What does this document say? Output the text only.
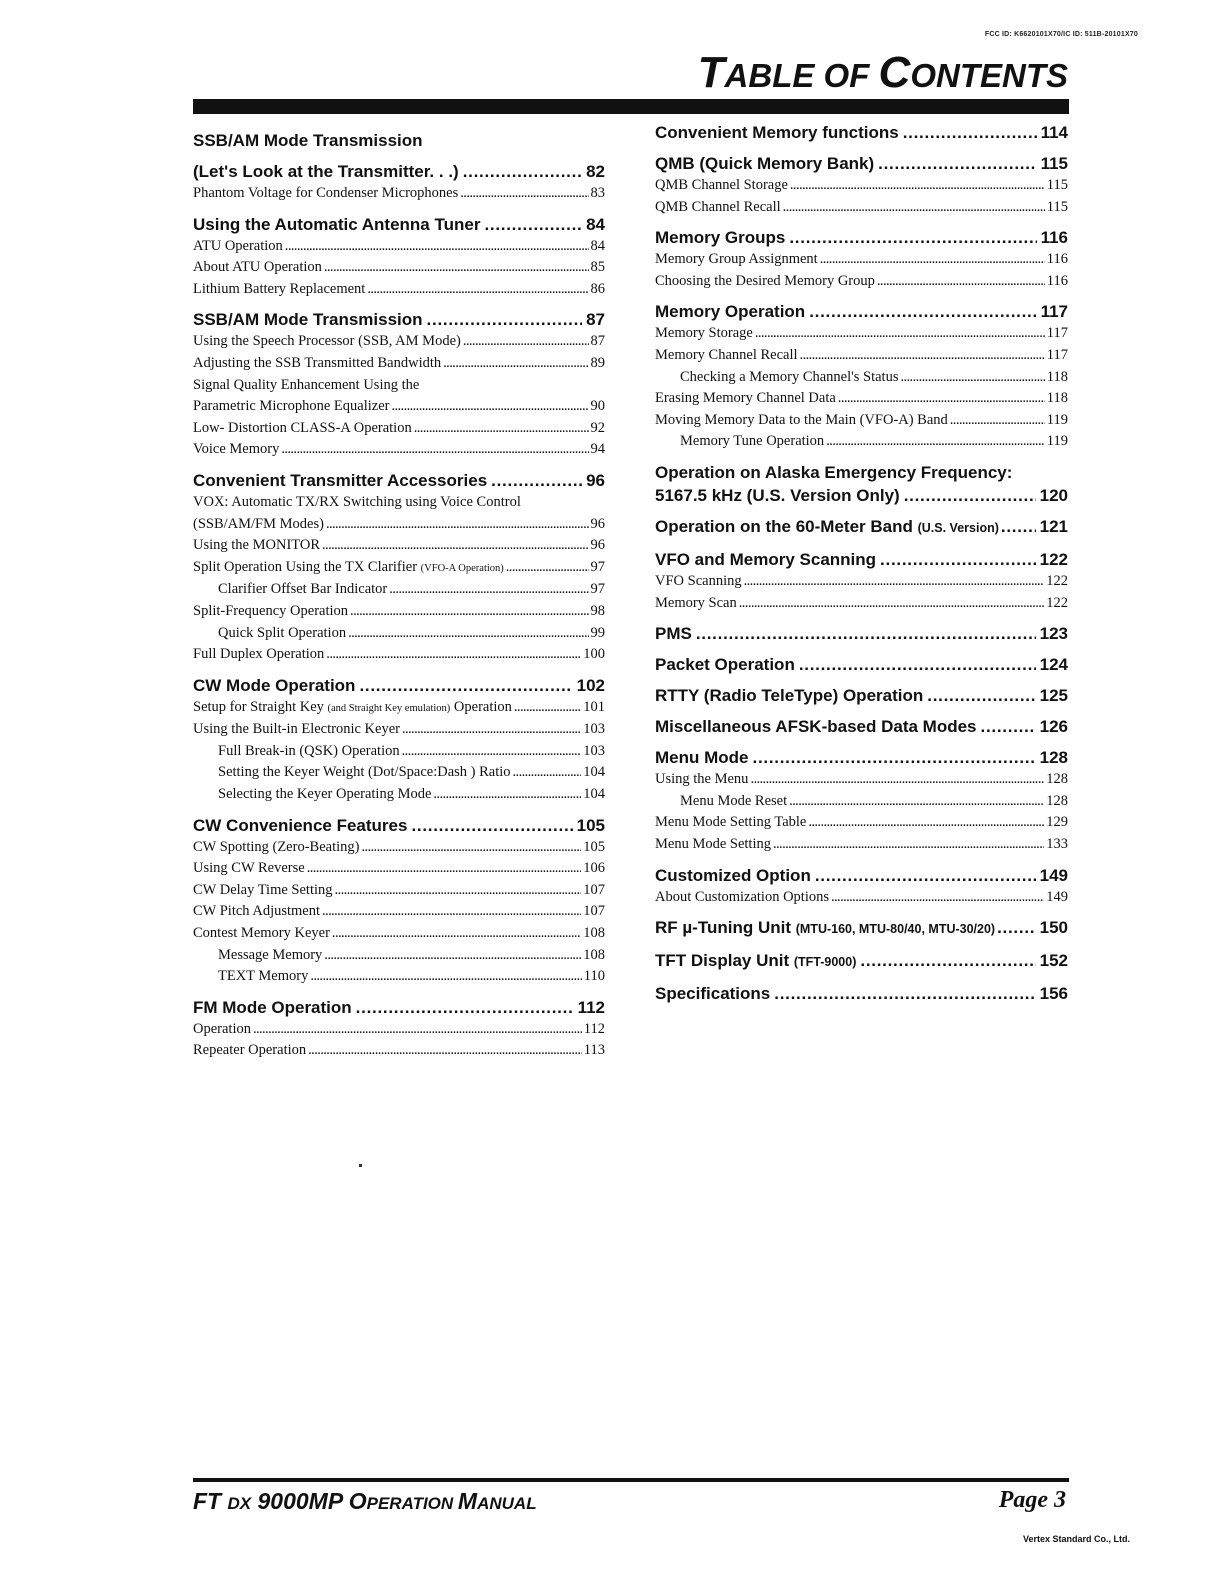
FCC ID: K6620101X70/IC ID: 511B-20101X70
TABLE OF CONTENTS
SSB/AM Mode Transmission
(Let's Look at the Transmitter. . .) . . .	82
Phantom Voltage for Condenser Microphones .....	83
Using the Automatic Antenna Tuner . . .	84
ATU Operation .....	84
About ATU Operation .....	85
Lithium Battery Replacement .....	86
SSB/AM Mode Transmission . . .	87
Using the Speech Processor (SSB, AM Mode) .....	87
Adjusting the SSB Transmitted Bandwidth .....	89
Signal Quality Enhancement Using the
Parametric Microphone Equalizer .....	90
Low- Distortion CLASS-A Operation .....	92
Voice Memory .....	94
Convenient Transmitter Accessories . . .	96
VOX: Automatic TX/RX Switching using Voice Control
(SSB/AM/FM Modes) .....	96
Using the MONITOR .....	96
Split Operation Using the TX Clarifier (VFO-A Operation) .....	97
Clarifier Offset Bar Indicator .....	97
Split-Frequency Operation .....	98
Quick Split Operation .....	99
Full Duplex Operation .....	100
CW Mode Operation . . .	102
Setup for Straight Key (and Straight Key emulation) Operation .....	101
Using the Built-in Electronic Keyer .....	103
Full Break-in (QSK) Operation .....	103
Setting the Keyer Weight (Dot/Space:Dash ) Ratio .....	104
Selecting the Keyer Operating Mode .....	104
CW Convenience Features . . .	105
CW Spotting (Zero-Beating) .....	105
Using CW Reverse .....	106
CW Delay Time Setting .....	107
CW Pitch Adjustment .....	107
Contest Memory Keyer .....	108
Message Memory .....	108
TEXT Memory .....	110
FM Mode Operation . . .	112
Operation .....	112
Repeater Operation .....	113
Convenient Memory functions . . .	114
QMB (Quick Memory Bank) . . .	115
QMB Channel Storage .....	115
QMB Channel Recall .....	115
Memory Groups . . .	116
Memory Group Assignment .....	116
Choosing the Desired Memory Group .....	116
Memory Operation . . .	117
Memory Storage .....	117
Memory Channel Recall .....	117
Checking a Memory Channel's Status .....	118
Erasing Memory Channel Data .....	118
Moving Memory Data to the Main (VFO-A) Band .....	119
Memory Tune Operation .....	119
Operation on Alaska Emergency Frequency:
5167.5 kHz (U.S. Version Only) . . .	120
Operation on the 60-Meter Band (U.S. Version) . . . 121
VFO and Memory Scanning . . .	122
VFO Scanning .....	122
Memory Scan .....	122
PMS . . .	123
Packet Operation . . .	124
RTTY (Radio TeleType) Operation . . .	125
Miscellaneous AFSK-based Data Modes . . .	126
Menu Mode . . .	128
Using the Menu .....	128
Menu Mode Reset .....	128
Menu Mode Setting Table .....	129
Menu Mode Setting .....	133
Customized Option . . .	149
About Customization Options .....	149
RF µ-Tuning Unit (MTU-160, MTU-80/40, MTU-30/20) . . .	150
TFT Display Unit (TFT-9000) . . .	152
Specifications . . .	156
FT DX 9000MP OPERATION MANUAL	Page 3
Vertex Standard Co., Ltd.
